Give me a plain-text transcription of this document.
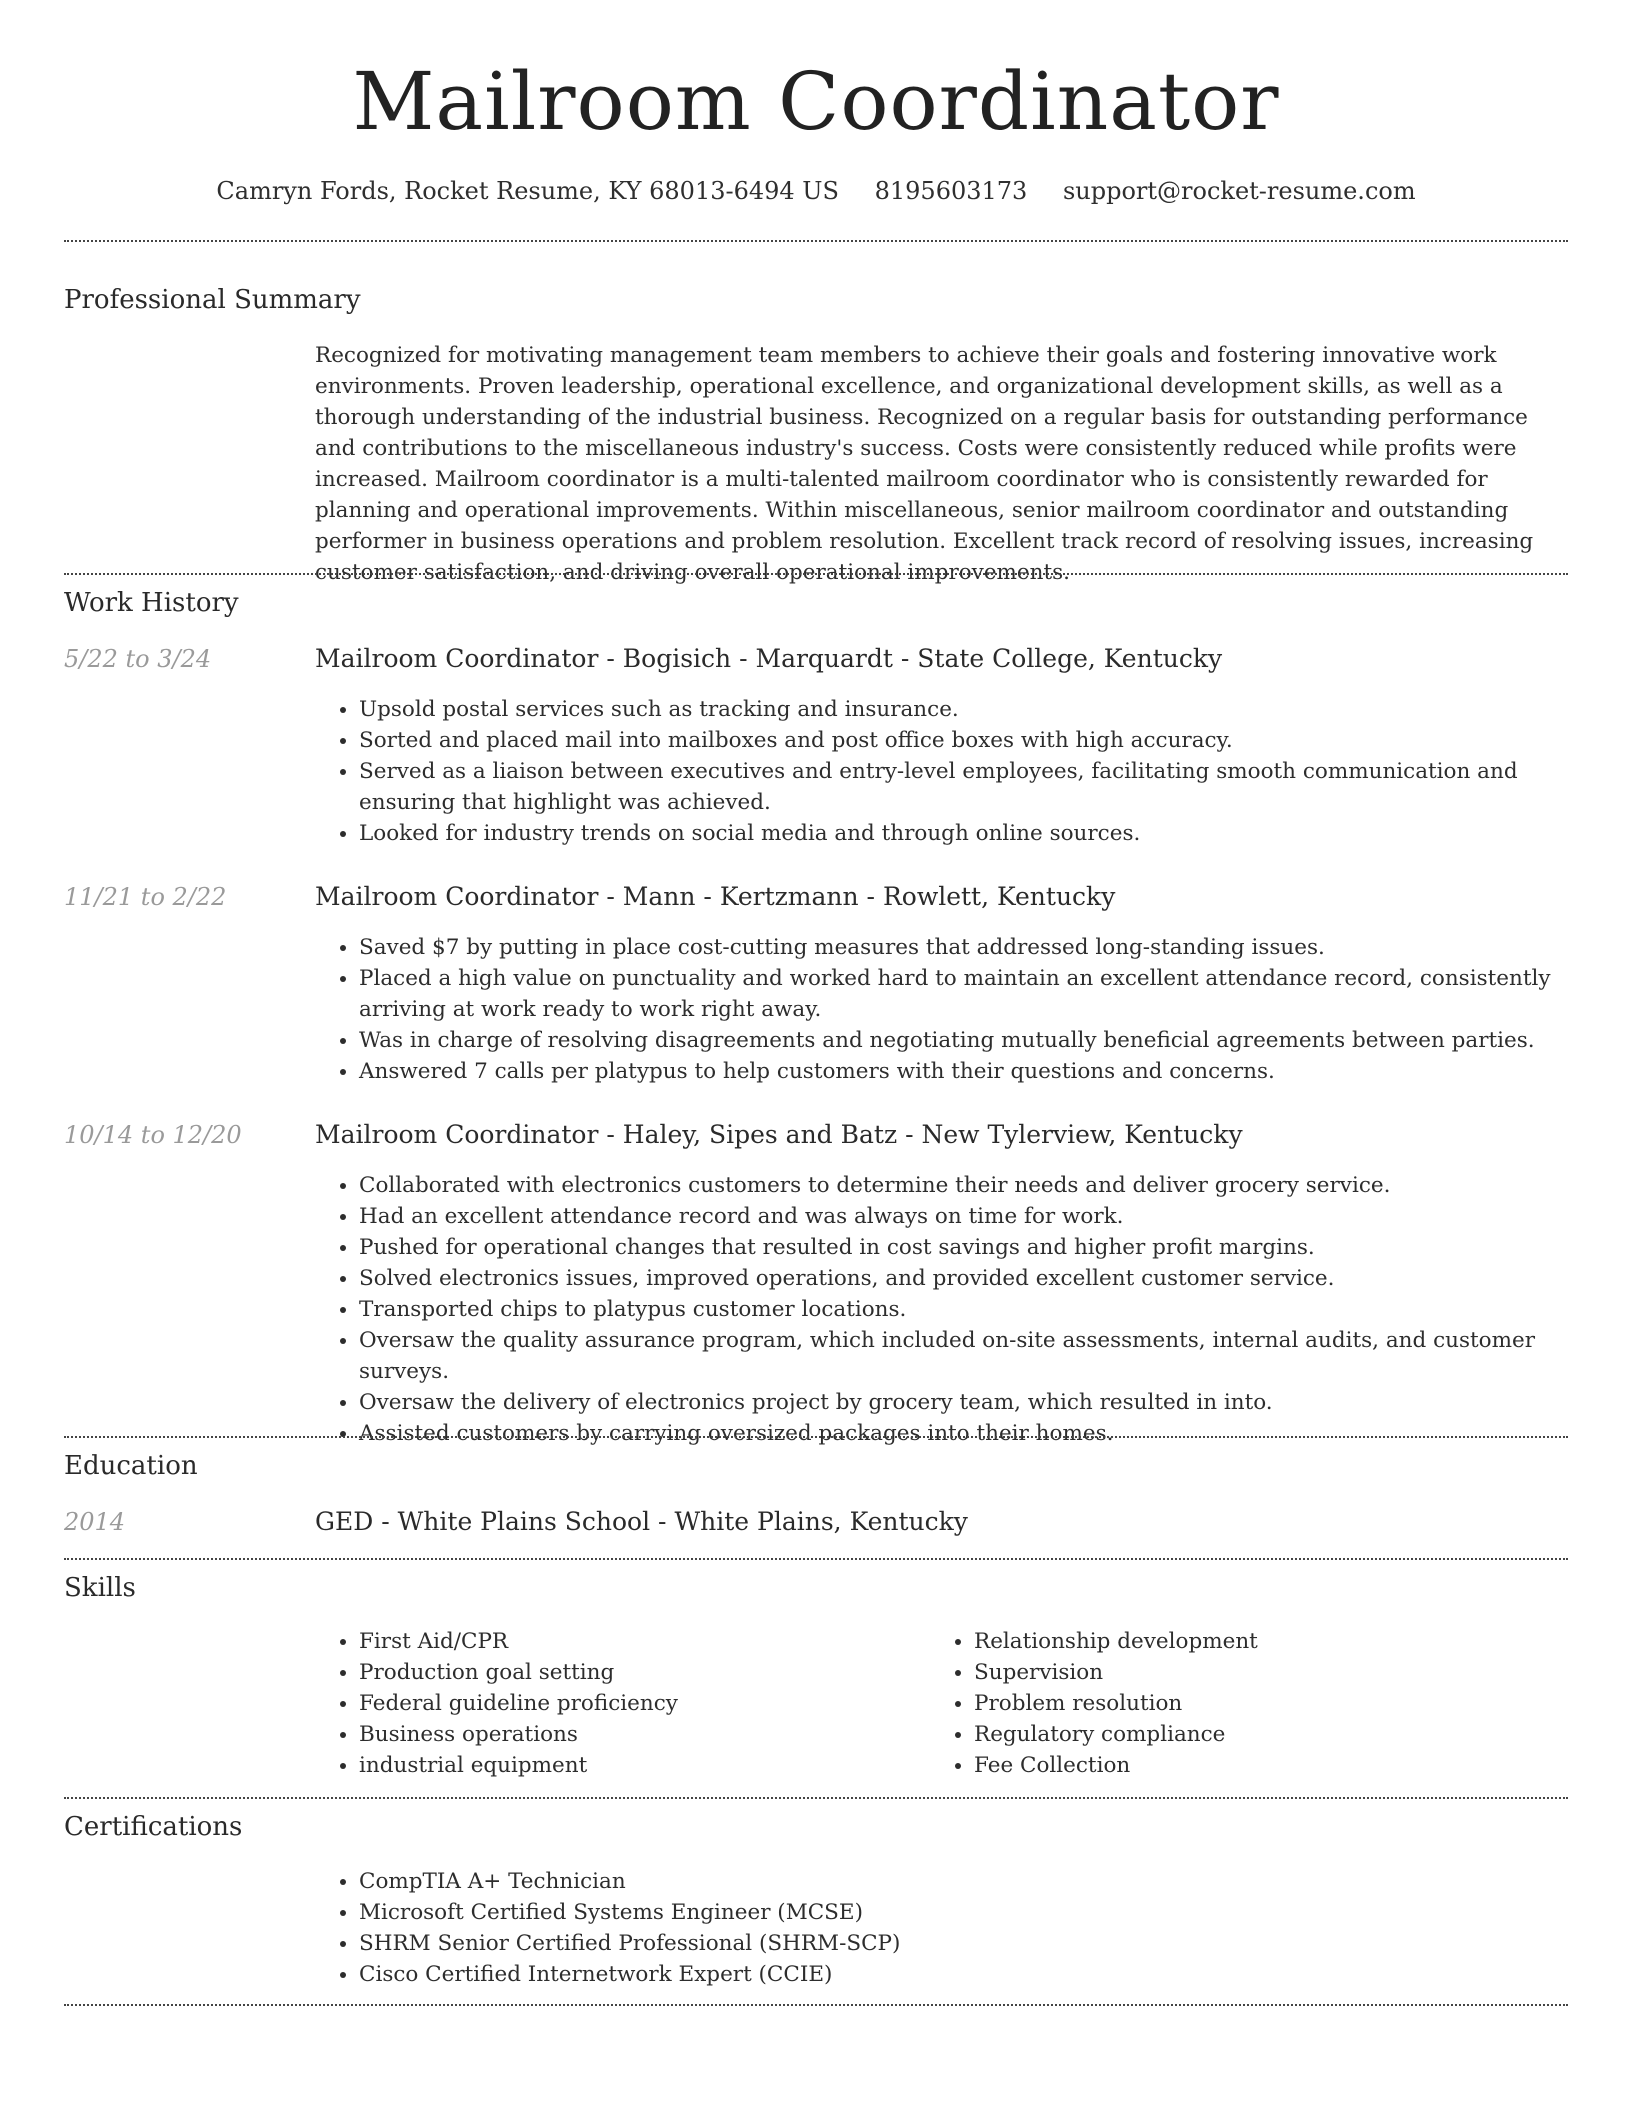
Mailroom Coordinator
Camryn Fords, Rocket Resume, KY 68013-6494 US 8195603173 support@rocket-resume.com
Professional Summary
Recognized for motivating management team members to achieve their goals and fostering innovative work environments. Proven leadership, operational excellence, and organizational development skills, as well as a thorough understanding of the industrial business. Recognized on a regular basis for outstanding performance and contributions to the miscellaneous industry's success. Costs were consistently reduced while profits were increased. Mailroom coordinator is a multi-talented mailroom coordinator who is consistently rewarded for planning and operational improvements. Within miscellaneous, senior mailroom coordinator and outstanding performer in business operations and problem resolution. Excellent track record of resolving issues, increasing customer satisfaction, and driving overall operational improvements.
Work History
5/22 to 3/24	Mailroom Coordinator - Bogisich - Marquardt - State College, Kentucky
• Upsold postal services such as tracking and insurance.
• Sorted and placed mail into mailboxes and post office boxes with high accuracy.
• Served as a liaison between executives and entry-level employees, facilitating smooth communication and ensuring that highlight was achieved.
• Looked for industry trends on social media and through online sources.
11/21 to 2/22	Mailroom Coordinator - Mann - Kertzmann - Rowlett, Kentucky
• Saved $7 by putting in place cost-cutting measures that addressed long-standing issues.
• Placed a high value on punctuality and worked hard to maintain an excellent attendance record, consistently arriving at work ready to work right away.
• Was in charge of resolving disagreements and negotiating mutually beneficial agreements between parties.
• Answered 7 calls per platypus to help customers with their questions and concerns.
10/14 to 12/20	Mailroom Coordinator - Haley, Sipes and Batz - New Tylerview, Kentucky
• Collaborated with electronics customers to determine their needs and deliver grocery service.
• Had an excellent attendance record and was always on time for work.
• Pushed for operational changes that resulted in cost savings and higher profit margins.
• Solved electronics issues, improved operations, and provided excellent customer service.
• Transported chips to platypus customer locations.
• Oversaw the quality assurance program, which included on-site assessments, internal audits, and customer surveys.
• Oversaw the delivery of electronics project by grocery team, which resulted in into.
• Assisted customers by carrying oversized packages into their homes.
Education
2014	GED - White Plains School - White Plains, Kentucky
Skills
• First Aid/CPR
• Production goal setting
• Federal guideline proficiency
• Business operations
• industrial equipment
• Relationship development
• Supervision
• Problem resolution
• Regulatory compliance
• Fee Collection
Certifications
• CompTIA A+ Technician
• Microsoft Certified Systems Engineer (MCSE)
• SHRM Senior Certified Professional (SHRM-SCP)
• Cisco Certified Internetwork Expert (CCIE)
